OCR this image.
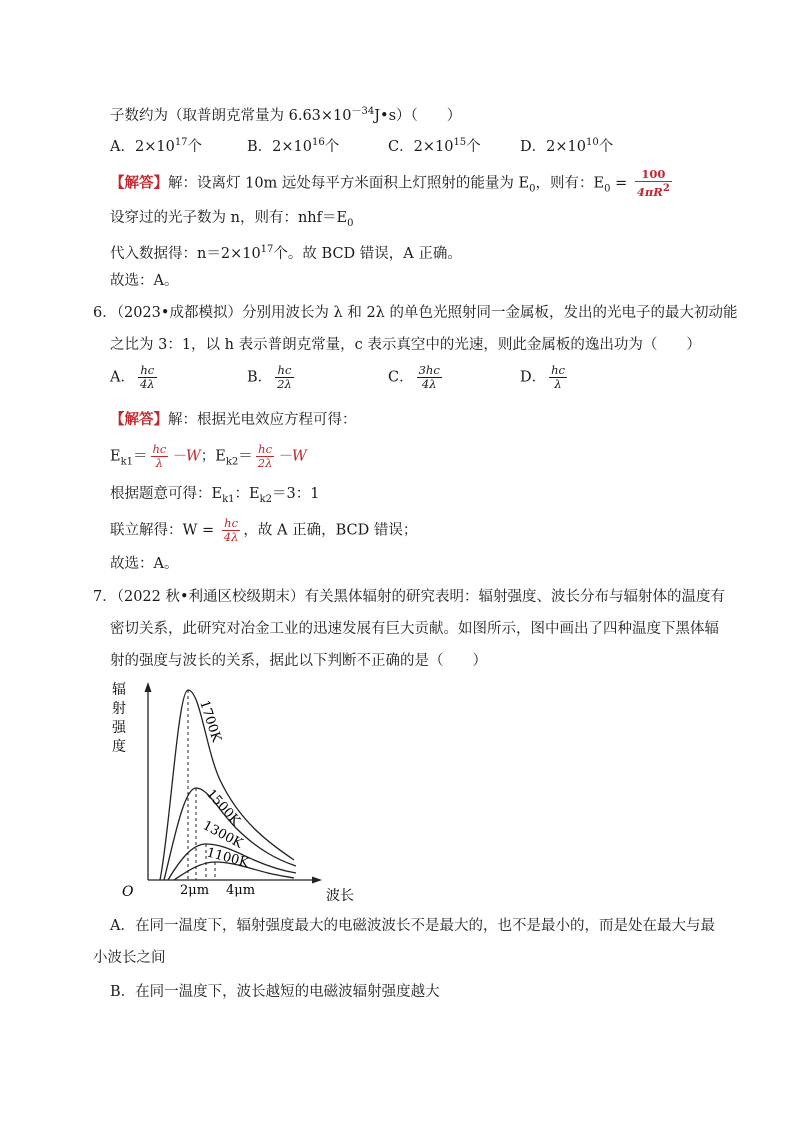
子数约为（取普朗克常量为 $6.63\times 10^{-34}J•s$）（　　）
A．$2\times 10^{17}$个	B．$2\times 10^{16}$个	C．$2\times 10^{15}$个	D．$2\times 10^{10}$个
【解答】解：设离灯 10m 远处每平方米面积上灯照射的能量为 $E_0$，则有：$E_0 = \frac{100}{4\pi R^2}$
设穿过的光子数为 n，则有：$nhf=E_0$
代入数据得：$n=2\times 10^{17}$个。故 BCD 错误，A 正确。
故选：A。
6．（2023•成都模拟）分别用波长为 λ 和 2λ 的单色光照射同一金属板，发出的光电子的最大初动能
之比为 3：1，以 h 表示普朗克常量，c 表示真空中的光速，则此金属板的逸出功为（　　）
A． $\frac{hc}{4\lambda}$	B． $\frac{hc}{2\lambda}$	C． $\frac{3hc}{4\lambda}$	D． $\frac{hc}{\lambda}$
【解答】解：根据光电效应方程可得：
$E_{k1}= \frac{hc}{\lambda} -W$；$E_{k2}= \frac{hc}{2\lambda} -W$
根据题意可得：$E_{k1}$：$E_{k2}=3$：1
联立解得：$W = \frac{hc}{4\lambda}$ ，故 A 正确，BCD 错误；
故选：A。
7．（2022 秋•利通区校级期末）有关黑体辐射的研究表明：辐射强度、波长分布与辐射体的温度有
密切关系，此研究对冶金工业的迅速发展有巨大贡献。如图所示，图中画出了四种温度下黑体辐
射的强度与波长的关系，据此以下判断不正确的是（　　）
辐
射
强
度
O	波长
2μm 4μm
1700K
1500K
1300K
1100K
A．在同一温度下，辐射强度最大的电磁波波长不是最大的，也不是最小的，而是处在最大与最
小波长之间
B．在同一温度下，波长越短的电磁波辐射强度越大
